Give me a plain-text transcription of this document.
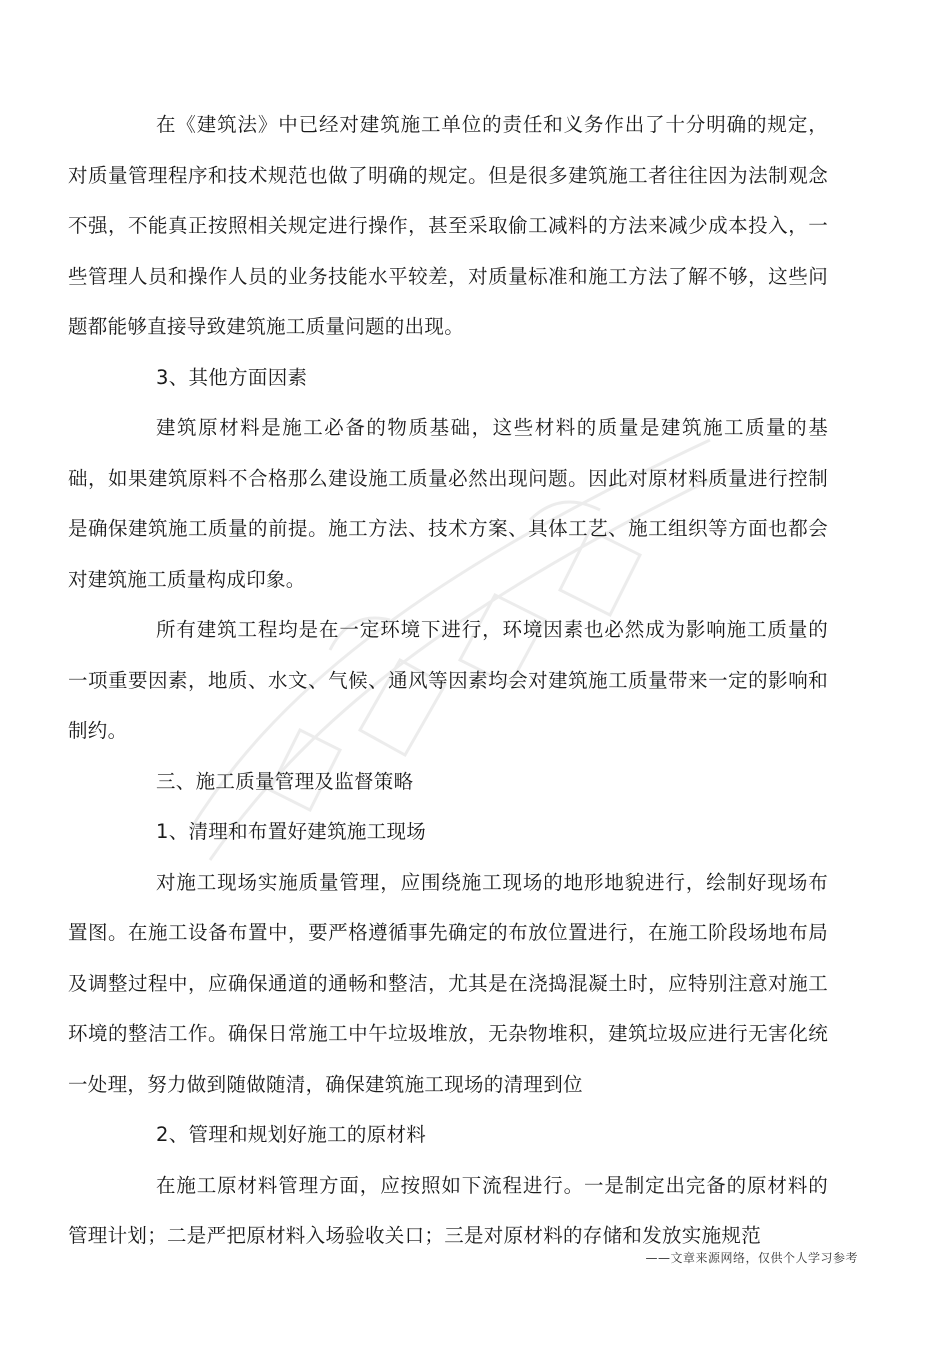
在《建筑法》中已经对建筑施工单位的责任和义务作出了十分明确的规定，对质量管理程序和技术规范也做了明确的规定。但是很多建筑施工者往往因为法制观念不强，不能真正按照相关规定进行操作，甚至采取偷工减料的方法来减少成本投入，一些管理人员和操作人员的业务技能水平较差，对质量标准和施工方法了解不够，这些问题都能够直接导致建筑施工质量问题的出现。

3、其他方面因素

建筑原材料是施工必备的物质基础，这些材料的质量是建筑施工质量的基础，如果建筑原料不合格那么建设施工质量必然出现问题。因此对原材料质量进行控制是确保建筑施工质量的前提。施工方法、技术方案、具体工艺、施工组织等方面也都会对建筑施工质量构成印象。

所有建筑工程均是在一定环境下进行，环境因素也必然成为影响施工质量的一项重要因素，地质、水文、气候、通风等因素均会对建筑施工质量带来一定的影响和制约。

三、施工质量管理及监督策略

1、清理和布置好建筑施工现场

对施工现场实施质量管理，应围绕施工现场的地形地貌进行，绘制好现场布置图。在施工设备布置中，要严格遵循事先确定的布放位置进行，在施工阶段场地布局及调整过程中，应确保通道的通畅和整洁，尤其是在浇捣混凝土时，应特别注意对施工环境的整洁工作。确保日常施工中午垃圾堆放，无杂物堆积，建筑垃圾应进行无害化统一处理，努力做到随做随清，确保建筑施工现场的清理到位

2、管理和规划好施工的原材料

在施工原材料管理方面，应按照如下流程进行。一是制定出完备的原材料的管理计划；二是严把原材料入场验收关口；三是对原材料的存储和发放实施规范

——文章来源网络，仅供个人学习参考
